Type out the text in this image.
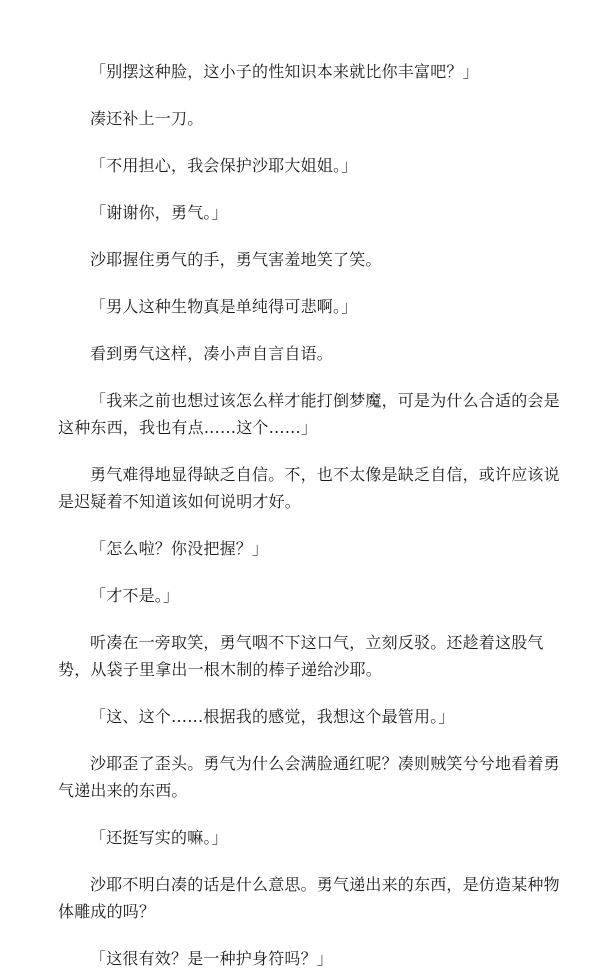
「别摆这种脸，这小子的性知识本来就比你丰富吧？」

凑还补上一刀。

「不用担心，我会保护沙耶大姐姐。」

「谢谢你，勇气。」

沙耶握住勇气的手，勇气害羞地笑了笑。

「男人这种生物真是单纯得可悲啊。」

看到勇气这样，凑小声自言自语。

「我来之前也想过该怎么样才能打倒梦魔，可是为什么合适的会是这种东西，我也有点……这个……」

勇气难得地显得缺乏自信。不，也不太像是缺乏自信，或许应该说是迟疑着不知道该如何说明才好。

「怎么啦？你没把握？」

「才不是。」

听凑在一旁取笑，勇气咽不下这口气，立刻反驳。还趁着这股气势，从袋子里拿出一根木制的棒子递给沙耶。

「这、这个……根据我的感觉，我想这个最管用。」

沙耶歪了歪头。勇气为什么会满脸通红呢？凑则贼笑兮兮地看着勇气递出来的东西。

「还挺写实的嘛。」

沙耶不明白凑的话是什么意思。勇气递出来的东西，是仿造某种物体雕成的吗？

「这很有效？是一种护身符吗？」
